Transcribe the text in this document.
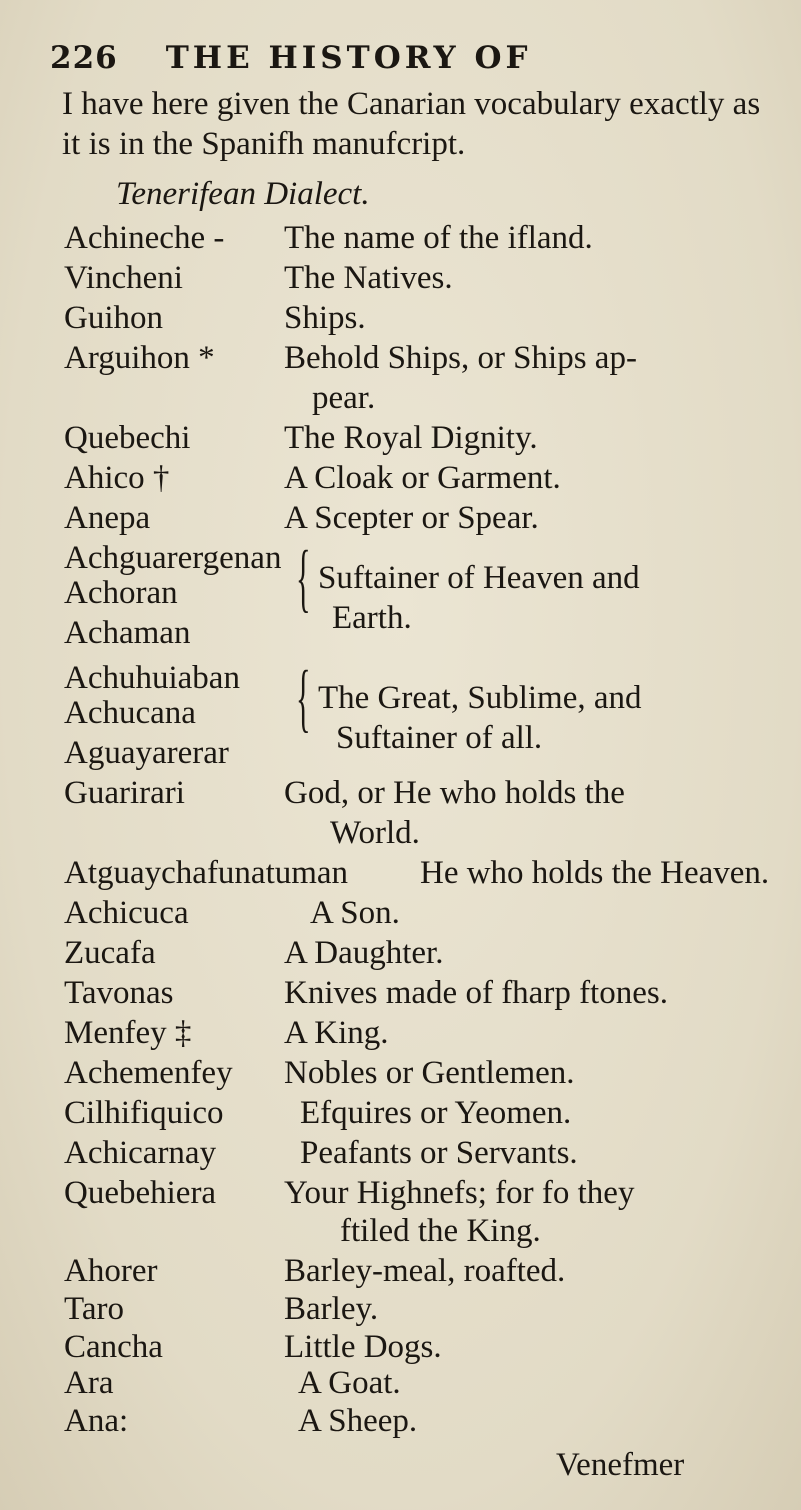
226 THE HISTORY OF
I have here given the Canarian vocabulary exactly as it is in the Spanifh manufcript.
Tenerifean Dialect.
Achineche - The name of the ifland.
Vincheni	The Natives.
Guihon	Ships.
Arguihon * Behold Ships, or Ships ap-
pear.
Quebechi	The Royal Dignity.
Ahico †	A Cloak or Garment.
Anepa	A Scepter or Spear.
Achguarergenan
Achoran
Achaman
{ Suftainer of Heaven and
Earth.
Achuhuiaban
Achucana
Aguayarerar
{ The Great, Sublime, and
Suftainer of all.
Guarirari	God, or He who holds the
World.
Atguaychafunatuman He who holds the Heaven.
Achicuca	A Son.
Zucafa	A Daughter.
Tavonas	Knives made of fharp ftones.
Menfey ‡	A King.
Achemenfey Nobles or Gentlemen.
Cilhifiquico Efquires or Yeomen.
Achicarnay	Peafants or Servants.
Quebehiera Your Highnefs; for fo they
ftiled the King.
Ahorer	Barley-meal, roafted.
Taro	Barley.
Cancha	Little Dogs.
Ara	A Goat.
Ana:	A Sheep.
Venefmer
